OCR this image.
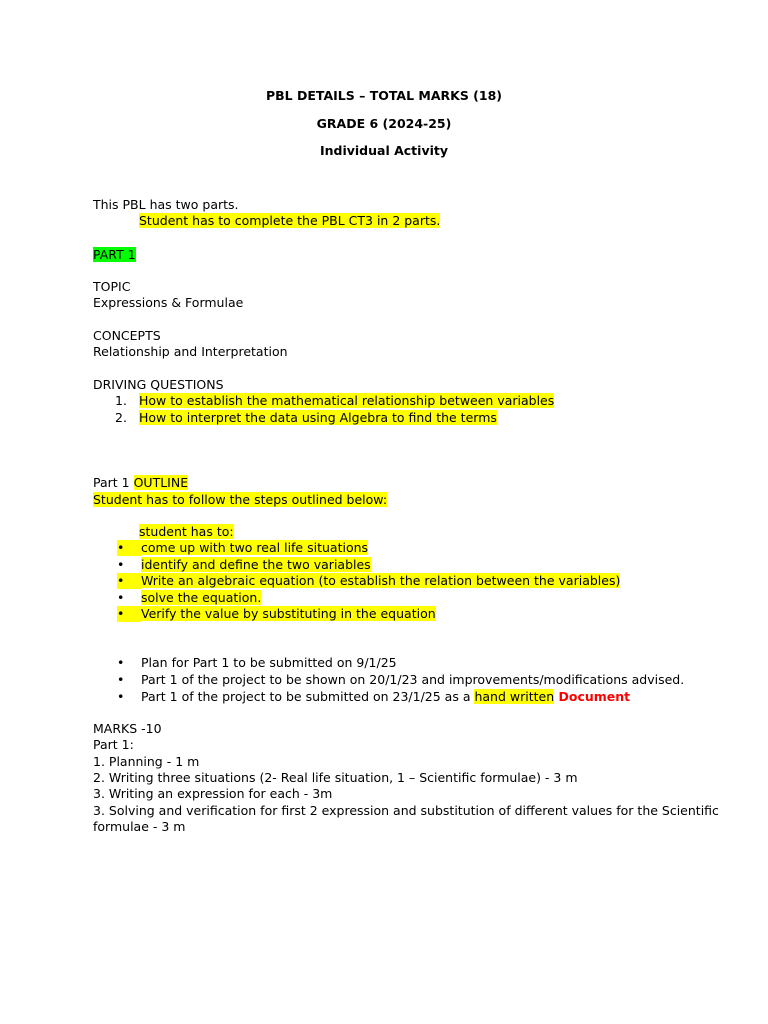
PBL DETAILS – TOTAL MARKS (18)
GRADE 6 (2024-25)
Individual Activity
This PBL has two parts.
Student has to complete the PBL CT3 in 2 parts.
PART 1
TOPIC
Expressions & Formulae
CONCEPTS
Relationship and Interpretation
DRIVING QUESTIONS
1. How to establish the mathematical relationship between variables
2. How to interpret the data using Algebra to find the terms
Part 1 OUTLINE
Student has to follow the steps outlined below:
student has to:
•come up with two real life situations
•identify and define the two variables
•Write an algebraic equation (to establish the relation between the variables)
•solve the equation.
•Verify the value by substituting in the equation
•Plan for Part 1 to be submitted on 9/1/25
•Part 1 of the project to be shown on 20/1/23 and improvements/modifications advised.
•Part 1 of the project to be submitted on 23/1/25 as a hand written Document
MARKS -10
Part 1:
1. Planning - 1 m
2. Writing three situations (2- Real life situation, 1 – Scientific formulae) - 3 m
3. Writing an expression for each - 3m
3. Solving and verification for first 2 expression and substitution of different values for the Scientific
formulae - 3 m
